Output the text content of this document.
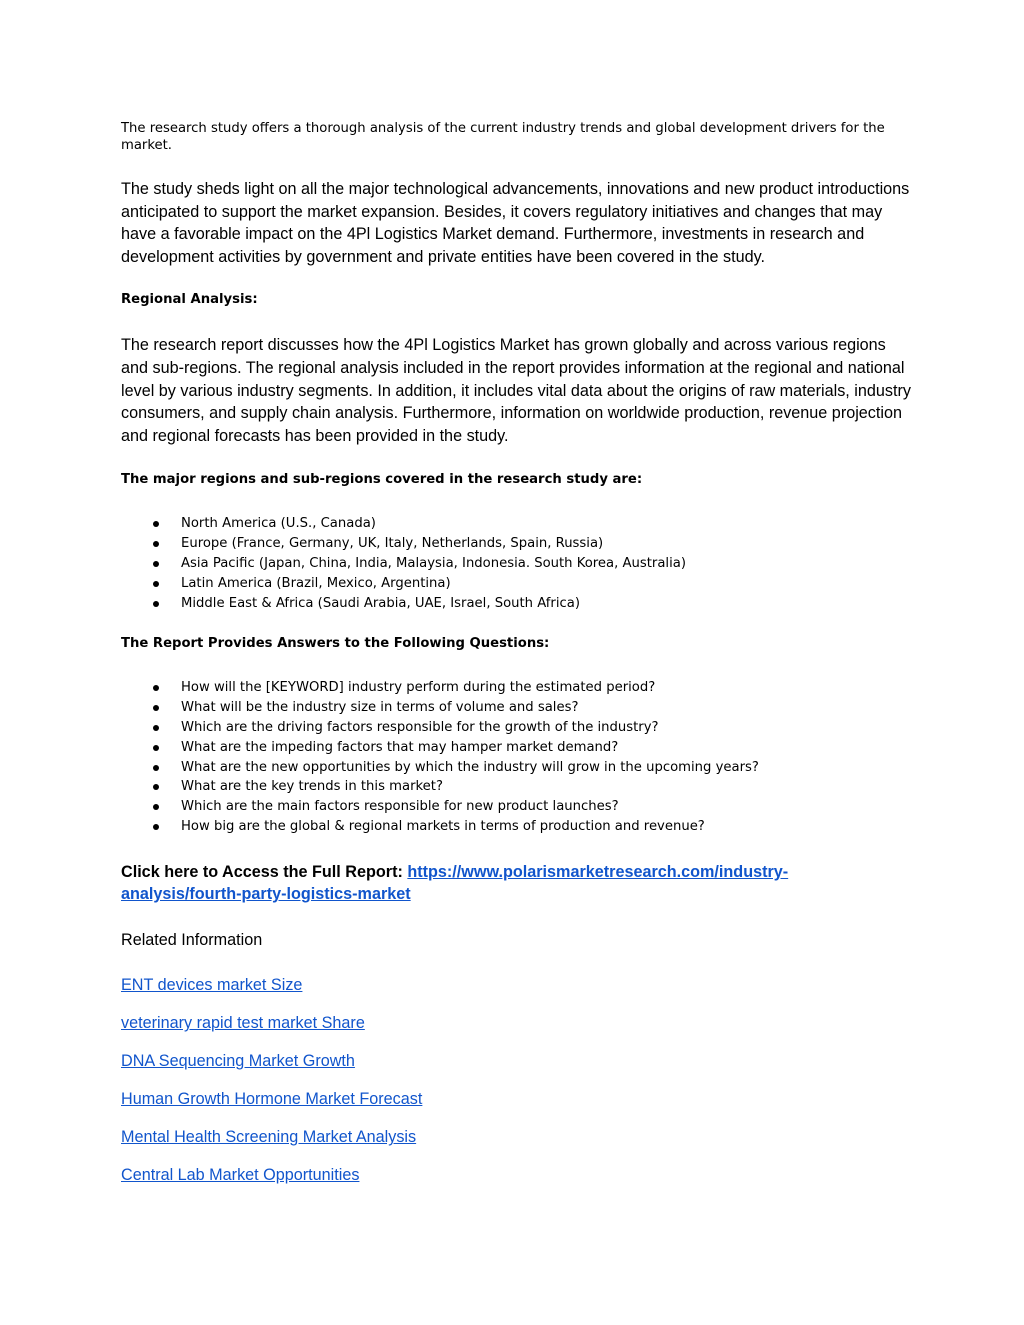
The research study offers a thorough analysis of the current industry trends and global development drivers for the market.

The study sheds light on all the major technological advancements, innovations and new product introductions anticipated to support the market expansion. Besides, it covers regulatory initiatives and changes that may have a favorable impact on the 4Pl Logistics Market demand. Furthermore, investments in research and development activities by government and private entities have been covered in the study.

Regional Analysis:

The research report discusses how the 4Pl Logistics Market has grown globally and across various regions and sub-regions. The regional analysis included in the report provides information at the regional and national level by various industry segments. In addition, it includes vital data about the origins of raw materials, industry consumers, and supply chain analysis. Furthermore, information on worldwide production, revenue projection and regional forecasts has been provided in the study.

The major regions and sub-regions covered in the research study are:

North America (U.S., Canada)
Europe (France, Germany, UK, Italy, Netherlands, Spain, Russia)
Asia Pacific (Japan, China, India, Malaysia, Indonesia. South Korea, Australia)
Latin America (Brazil, Mexico, Argentina)
Middle East & Africa (Saudi Arabia, UAE, Israel, South Africa)

The Report Provides Answers to the Following Questions:

How will the [KEYWORD] industry perform during the estimated period?
What will be the industry size in terms of volume and sales?
Which are the driving factors responsible for the growth of the industry?
What are the impeding factors that may hamper market demand?
What are the new opportunities by which the industry will grow in the upcoming years?
What are the key trends in this market?
Which are the main factors responsible for new product launches?
How big are the global & regional markets in terms of production and revenue?

Click here to Access the Full Report: https://www.polarismarketresearch.com/industry-
analysis/fourth-party-logistics-market

Related Information

ENT devices market Size
veterinary rapid test market Share
DNA Sequencing Market Growth
Human Growth Hormone Market Forecast
Mental Health Screening Market Analysis
Central Lab Market Opportunities
